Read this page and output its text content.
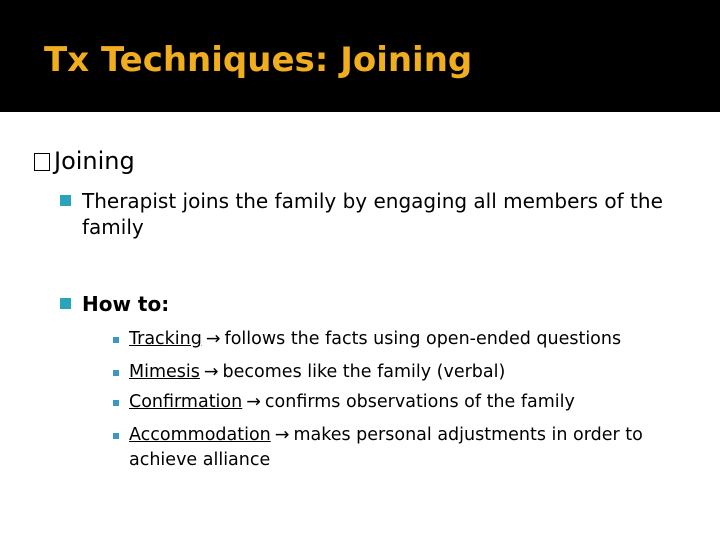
Tx Techniques: Joining
Joining
Therapist joins the family by engaging all members of the family
How to:
Tracking → follows the facts using open-ended questions
Mimesis → becomes like the family (verbal)
Confirmation → confirms observations of the family
Accommodation → makes personal adjustments in order to achieve alliance
